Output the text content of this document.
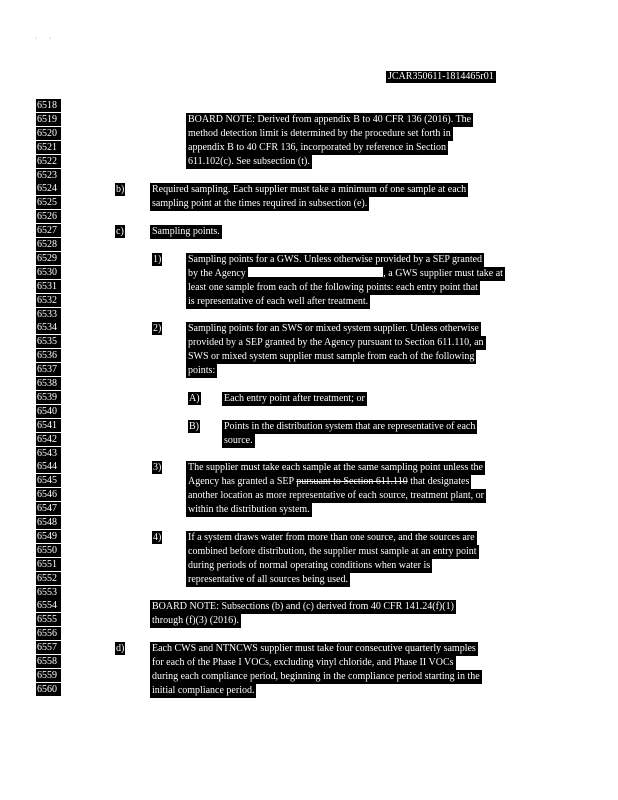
·        ·
JCAR350611-1814465r01
6518
6519
6520
6521
6522
6523
6524
6525
6526
6527
6528
6529
6530
6531
6532
6533
6534
6535
6536
6537
6538
6539
6540
6541
6542
6543
6544
6545
6546
6547
6548
6549
6550
6551
6552
6553
6554
6555
6556
6557
6558
6559
6560
BOARD NOTE: Derived from appendix B to 40 CFR 136 (2016). The
method detection limit is determined by the procedure set forth in
appendix B to 40 CFR 136, incorporated by reference in Section
611.102(c). See subsection (t).
b)	Required sampling. Each supplier must take a minimum of one sample at each
sampling point at the times required in subsection (e).
c)	Sampling points.
1)	Sampling points for a GWS. Unless otherwise provided by a SEP granted
by the Agency	, a GWS supplier must take at
least one sample from each of the following points: each entry point that
is representative of each well after treatment.
2)	Sampling points for an SWS or mixed system supplier. Unless otherwise
provided by a SEP granted by the Agency pursuant to Section 611.110, an
SWS or mixed system supplier must sample from each of the following
points:
A) Each entry point after treatment; or
B)	Points in the distribution system that are representative of each
source.
3)	The supplier must take each sample at the same sampling point unless the
Agency has granted a SEP pursuant to Section 611.110 that designates
another location as more representative of each source, treatment plant, or
within the distribution system.
4)	If a system draws water from more than one source, and the sources are
combined before distribution, the supplier must sample at an entry point
during periods of normal operating conditions when water is
representative of all sources being used.
BOARD NOTE: Subsections (b) and (c) derived from 40 CFR 141.24(f)(1)
through (f)(3) (2016).
d)	Each CWS and NTNCWS supplier must take four consecutive quarterly samples
for each of the Phase I VOCs, excluding vinyl chloride, and Phase II VOCs
during each compliance period, beginning in the compliance period starting in the
initial compliance period.
